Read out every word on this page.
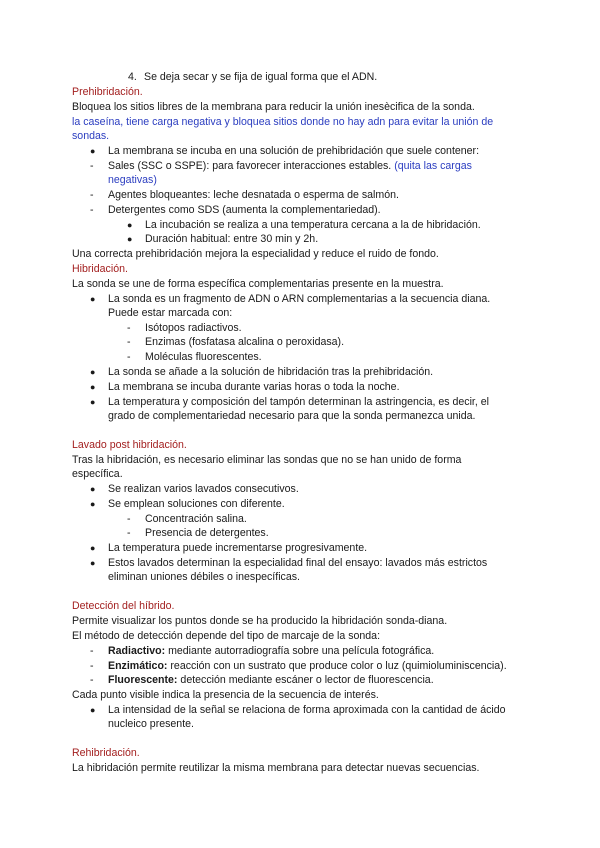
4. Se deja secar y se fija de igual forma que el ADN.
Prehibridación.
Bloquea los sitios libres de la membrana para reducir la unión inesècifica de la sonda.
la caseína, tiene carga negativa y bloquea sitios donde no hay adn para evitar la unión de
sondas.
● La membrana se incuba en una solución de prehibridación que suele contener:
- Sales (SSC o SSPE): para favorecer interacciones estables. (quita las cargas
negativas)
- Agentes bloqueantes: leche desnatada o esperma de salmón.
- Detergentes como SDS (aumenta la complementariedad).
● La incubación se realiza a una temperatura cercana a la de hibridación.
● Duración habitual: entre 30 min y 2h.
Una correcta prehibridación mejora la especialidad y reduce el ruido de fondo.
Hibridación.
La sonda se une de forma específica complementarias presente en la muestra.
● La sonda es un fragmento de ADN o ARN complementarias a la secuencia diana.
Puede estar marcada con:
- Isótopos radiactivos.
- Enzimas (fosfatasa alcalina o peroxidasa).
- Moléculas fluorescentes.
● La sonda se añade a la solución de hibridación tras la prehibridación.
● La membrana se incuba durante varias horas o toda la noche.
● La temperatura y composición del tampón determinan la astringencia, es decir, el
grado de complementariedad necesario para que la sonda permanezca unida.
Lavado post hibridación.
Tras la hibridación, es necesario eliminar las sondas que no se han unido de forma
específica.
● Se realizan varios lavados consecutivos.
● Se emplean soluciones con diferente.
- Concentración salina.
- Presencia de detergentes.
● La temperatura puede incrementarse progresivamente.
● Estos lavados determinan la especialidad final del ensayo: lavados más estrictos
eliminan uniones débiles o inespecíficas.
Detección del híbrido.
Permite visualizar los puntos donde se ha producido la hibridación sonda-diana.
El método de detección depende del tipo de marcaje de la sonda:
- Radiactivo: mediante autorradiografía sobre una película fotográfica.
- Enzimático: reacción con un sustrato que produce color o luz (quimioluminiscencia).
- Fluorescente: detección mediante escáner o lector de fluorescencia.
Cada punto visible indica la presencia de la secuencia de interés.
● La intensidad de la señal se relaciona de forma aproximada con la cantidad de ácido
nucleico presente.
Rehibridación.
La hibridación permite reutilizar la misma membrana para detectar nuevas secuencias.
